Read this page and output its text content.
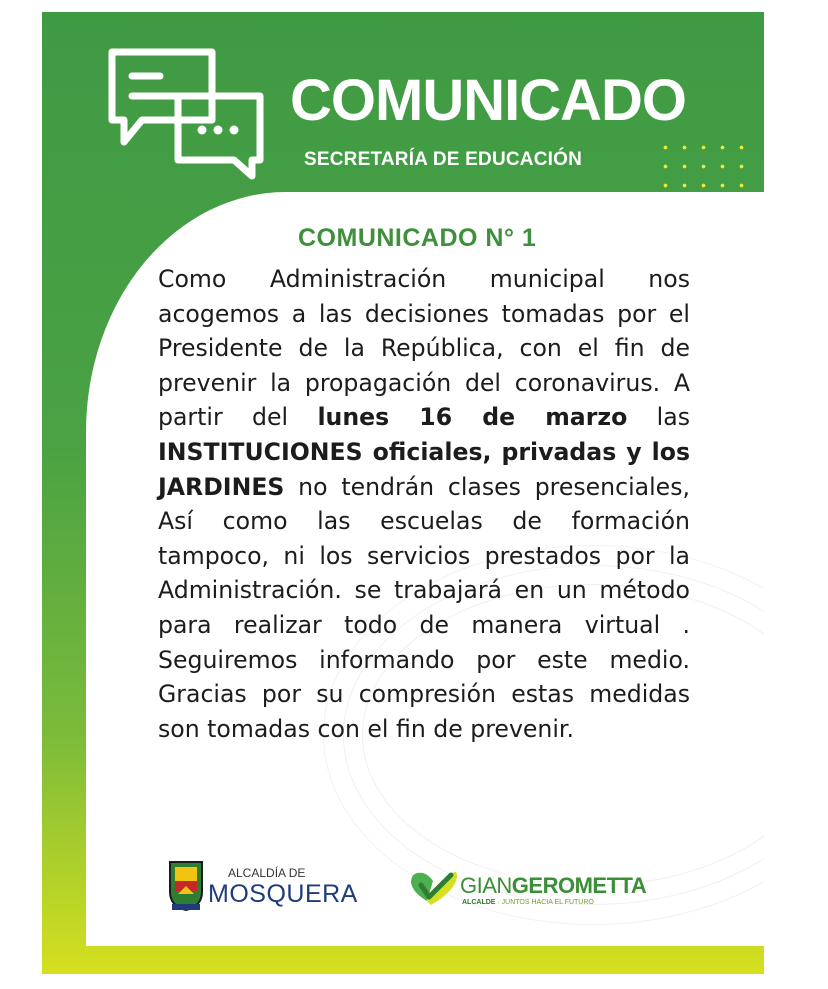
COMUNICADO
SECRETARÍA DE EDUCACIÓN
COMUNICADO N° 1

Como Administración municipal nos acogemos a las decisiones tomadas por el Presidente de la República, con el fin de prevenir la propagación del coronavirus. A partir del lunes 16 de marzo las INSTITUCIONES oficiales, privadas y los JARDINES no tendrán clases presenciales, Así como las escuelas de formación tampoco, ni los servicios prestados por la Administración. se trabajará en un método para realizar todo de manera virtual . Seguiremos informando por este medio. Gracias por su compresión estas medidas son tomadas con el fin de prevenir.

ALCALDÍA DE
MOSQUERA	GIANGEROMETTA
ALCALDE · JUNTOS HACIA EL FUTURO
